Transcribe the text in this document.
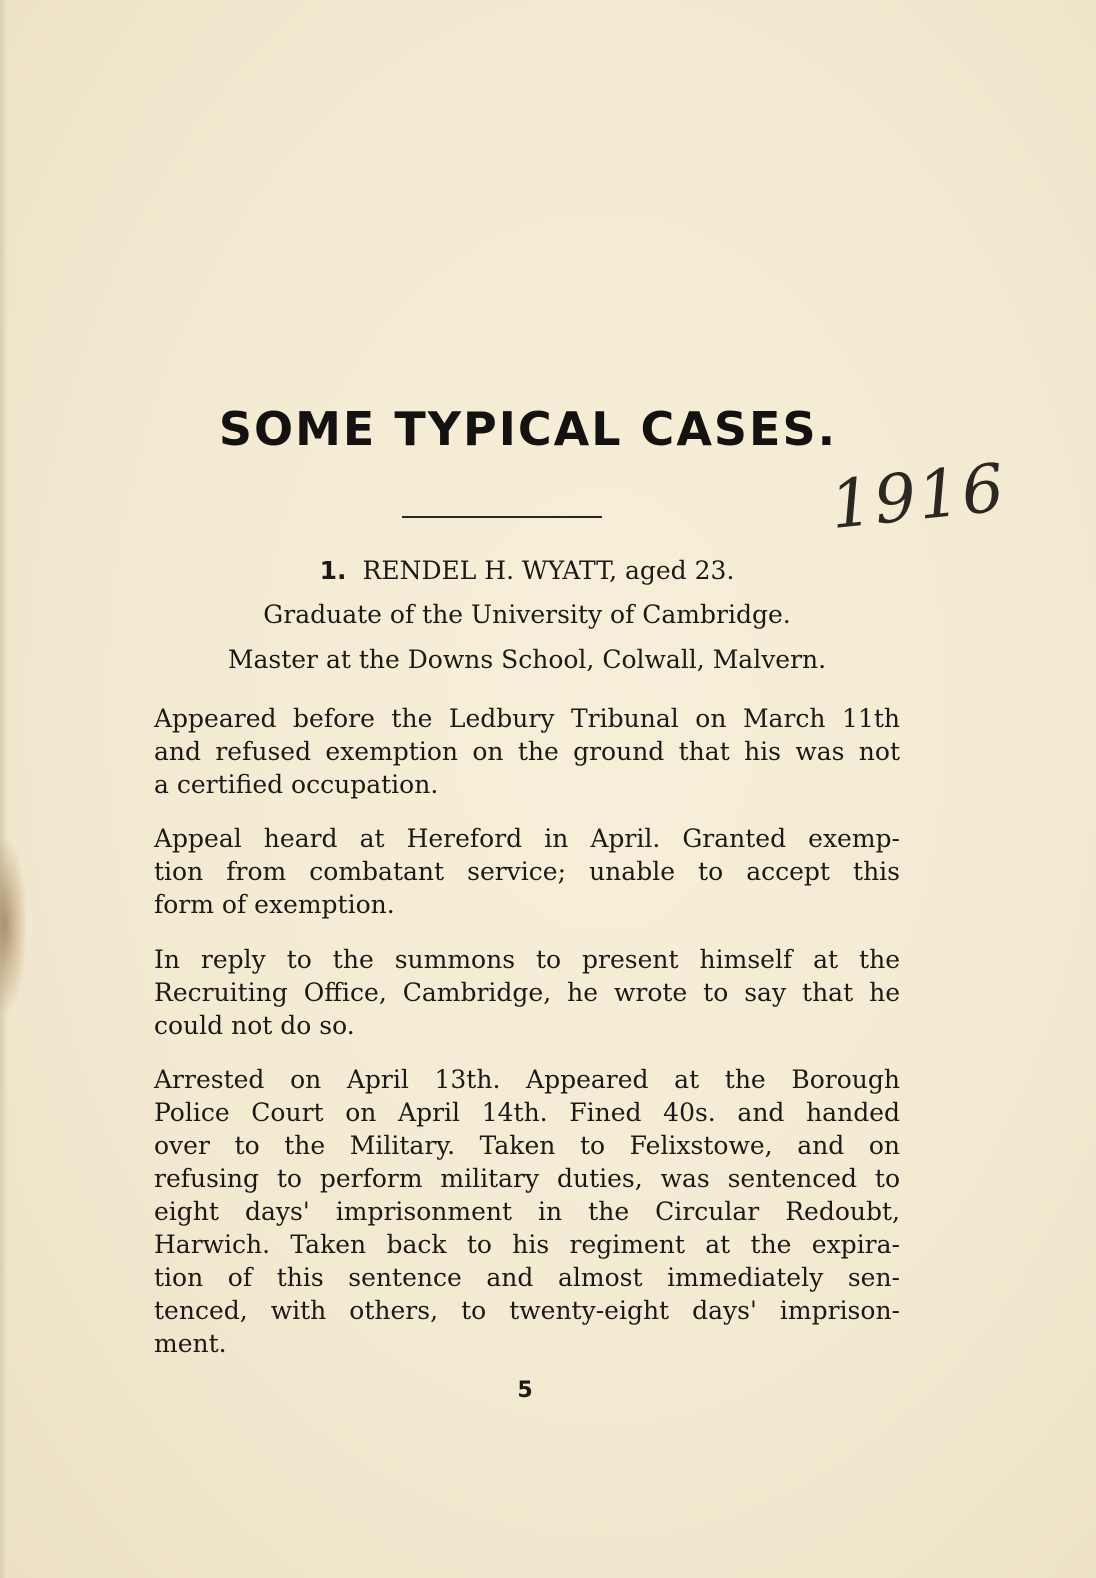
SOME TYPICAL CASES.
1916
1. RENDEL H. WYATT, aged 23.
Graduate of the University of Cambridge.
Master at the Downs School, Colwall, Malvern.
Appeared before the Ledbury Tribunal on March 11th
and refused exemption on the ground that his was not
a certified occupation.
Appeal heard at Hereford in April. Granted exemp-
tion from combatant service; unable to accept this
form of exemption.
In reply to the summons to present himself at the
Recruiting Office, Cambridge, he wrote to say that he
could not do so.
Arrested on April 13th. Appeared at the Borough
Police Court on April 14th. Fined 40s. and handed
over to the Military. Taken to Felixstowe, and on
refusing to perform military duties, was sentenced to
eight days' imprisonment in the Circular Redoubt,
Harwich. Taken back to his regiment at the expira-
tion of this sentence and almost immediately sen-
tenced, with others, to twenty-eight days' imprison-
ment.
5
